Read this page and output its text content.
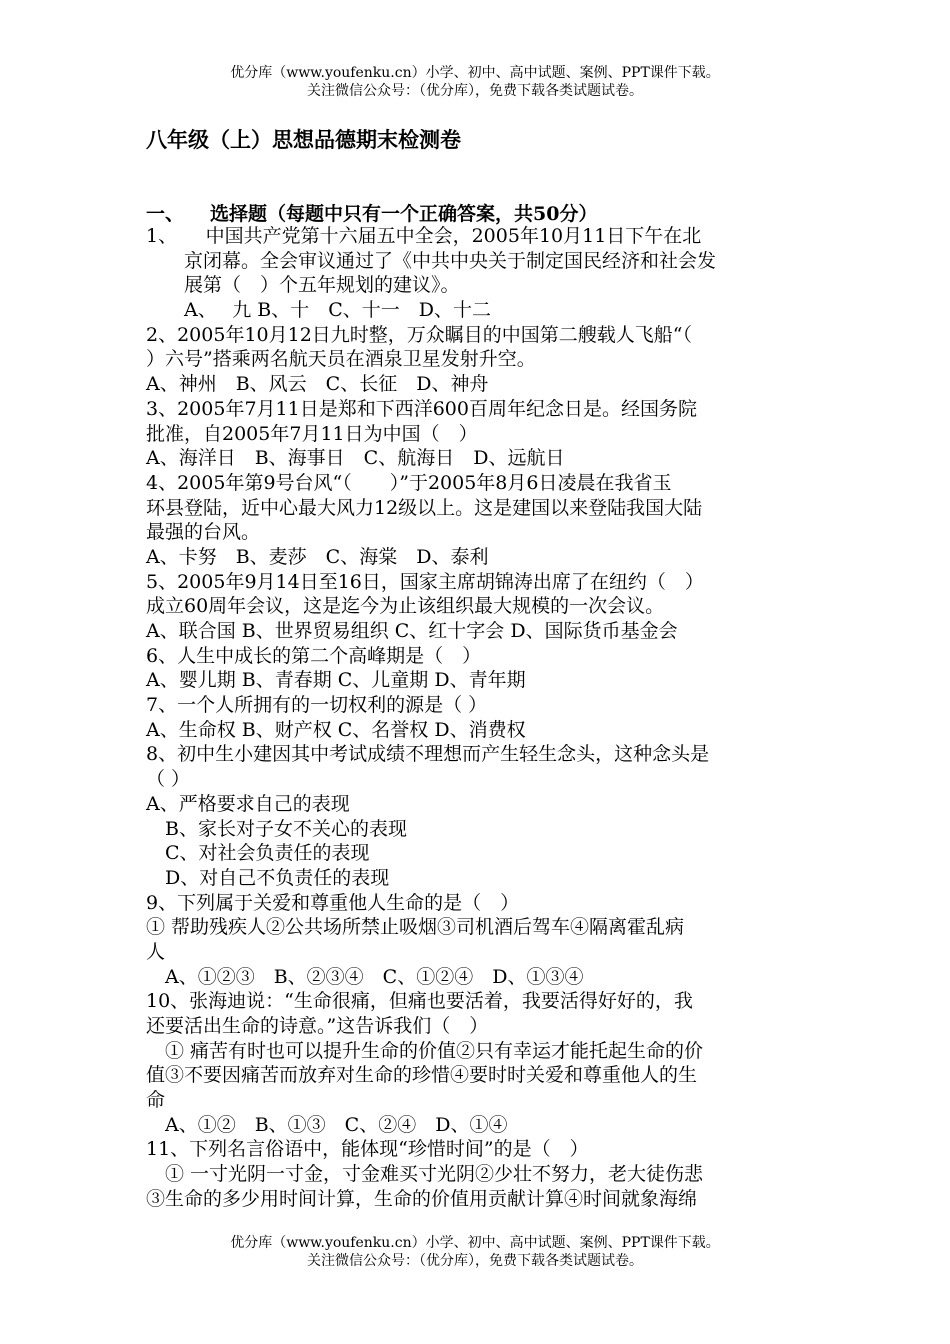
优分库（www.youfenku.cn）小学、初中、高中试题、案例、PPT课件下载。
关注微信公众号：（优分库），免费下载各类试题试卷。
八年级（上）思想品德期末检测卷
一、 选择题（每题中只有一个正确答案，共50分）
1、　　中国共产党第十六届五中全会，2005年10月11日下午在北
　　京闭幕。全会审议通过了《中共中央关于制定国民经济和社会发
　　展第（　）个五年规划的建议》。
　　A、　 九 B、十　C、十一　D、十二
2、2005年10月12日九时整，万众瞩目的中国第二艘载人飞船“（
）六号”搭乘两名航天员在酒泉卫星发射升空。
A、神州　B、风云　C、长征　D、神舟
3、2005年7月11日是郑和下西洋600百周年纪念日是。经国务院
批准，自2005年7月11日为中国（　）
A、海洋日　B、海事日　C、航海日　D、远航日
4、2005年第9号台风“（　　）”于2005年8月6日凌晨在我省玉
环县登陆，近中心最大风力12级以上。这是建国以来登陆我国大陆
最强的台风。
A、卡努　B、麦莎　C、海棠　D、泰利
5、2005年9月14日至16日，国家主席胡锦涛出席了在纽约（　）
成立60周年会议，这是迄今为止该组织最大规模的一次会议。
A、联合国 B、世界贸易组织 C、红十字会 D、国际货币基金会
6、人生中成长的第二个高峰期是（　）
A、婴儿期 B、青春期 C、儿童期 D、青年期
7、一个人所拥有的一切权利的源是（ ）
A、生命权 B、财产权 C、名誉权 D、消费权
8、初中生小建因其中考试成绩不理想而产生轻生念头，这种念头是
（ ）
A、严格要求自己的表现
　B、家长对子女不关心的表现
　C、对社会负责任的表现
　D、对自己不负责任的表现
9、下列属于关爱和尊重他人生命的是（　）
① 帮助残疾人②公共场所禁止吸烟③司机酒后驾车④隔离霍乱病
人
　A、①②③　B、②③④　C、①②④　D、①③④
10、张海迪说：“生命很痛，但痛也要活着，我要活得好好的，我
还要活出生命的诗意。”这告诉我们（　）
　① 痛苦有时也可以提升生命的价值②只有幸运才能托起生命的价
值③不要因痛苦而放弃对生命的珍惜④要时时关爱和尊重他人的生
命
　A、①②　B、①③　C、②④　D、①④
11、下列名言俗语中，能体现“珍惜时间”的是（　）
　① 一寸光阴一寸金，寸金难买寸光阴②少壮不努力，老大徒伤悲
③生命的多少用时间计算，生命的价值用贡献计算④时间就象海绵
优分库（www.youfenku.cn）小学、初中、高中试题、案例、PPT课件下载。
关注微信公众号：（优分库），免费下载各类试题试卷。
